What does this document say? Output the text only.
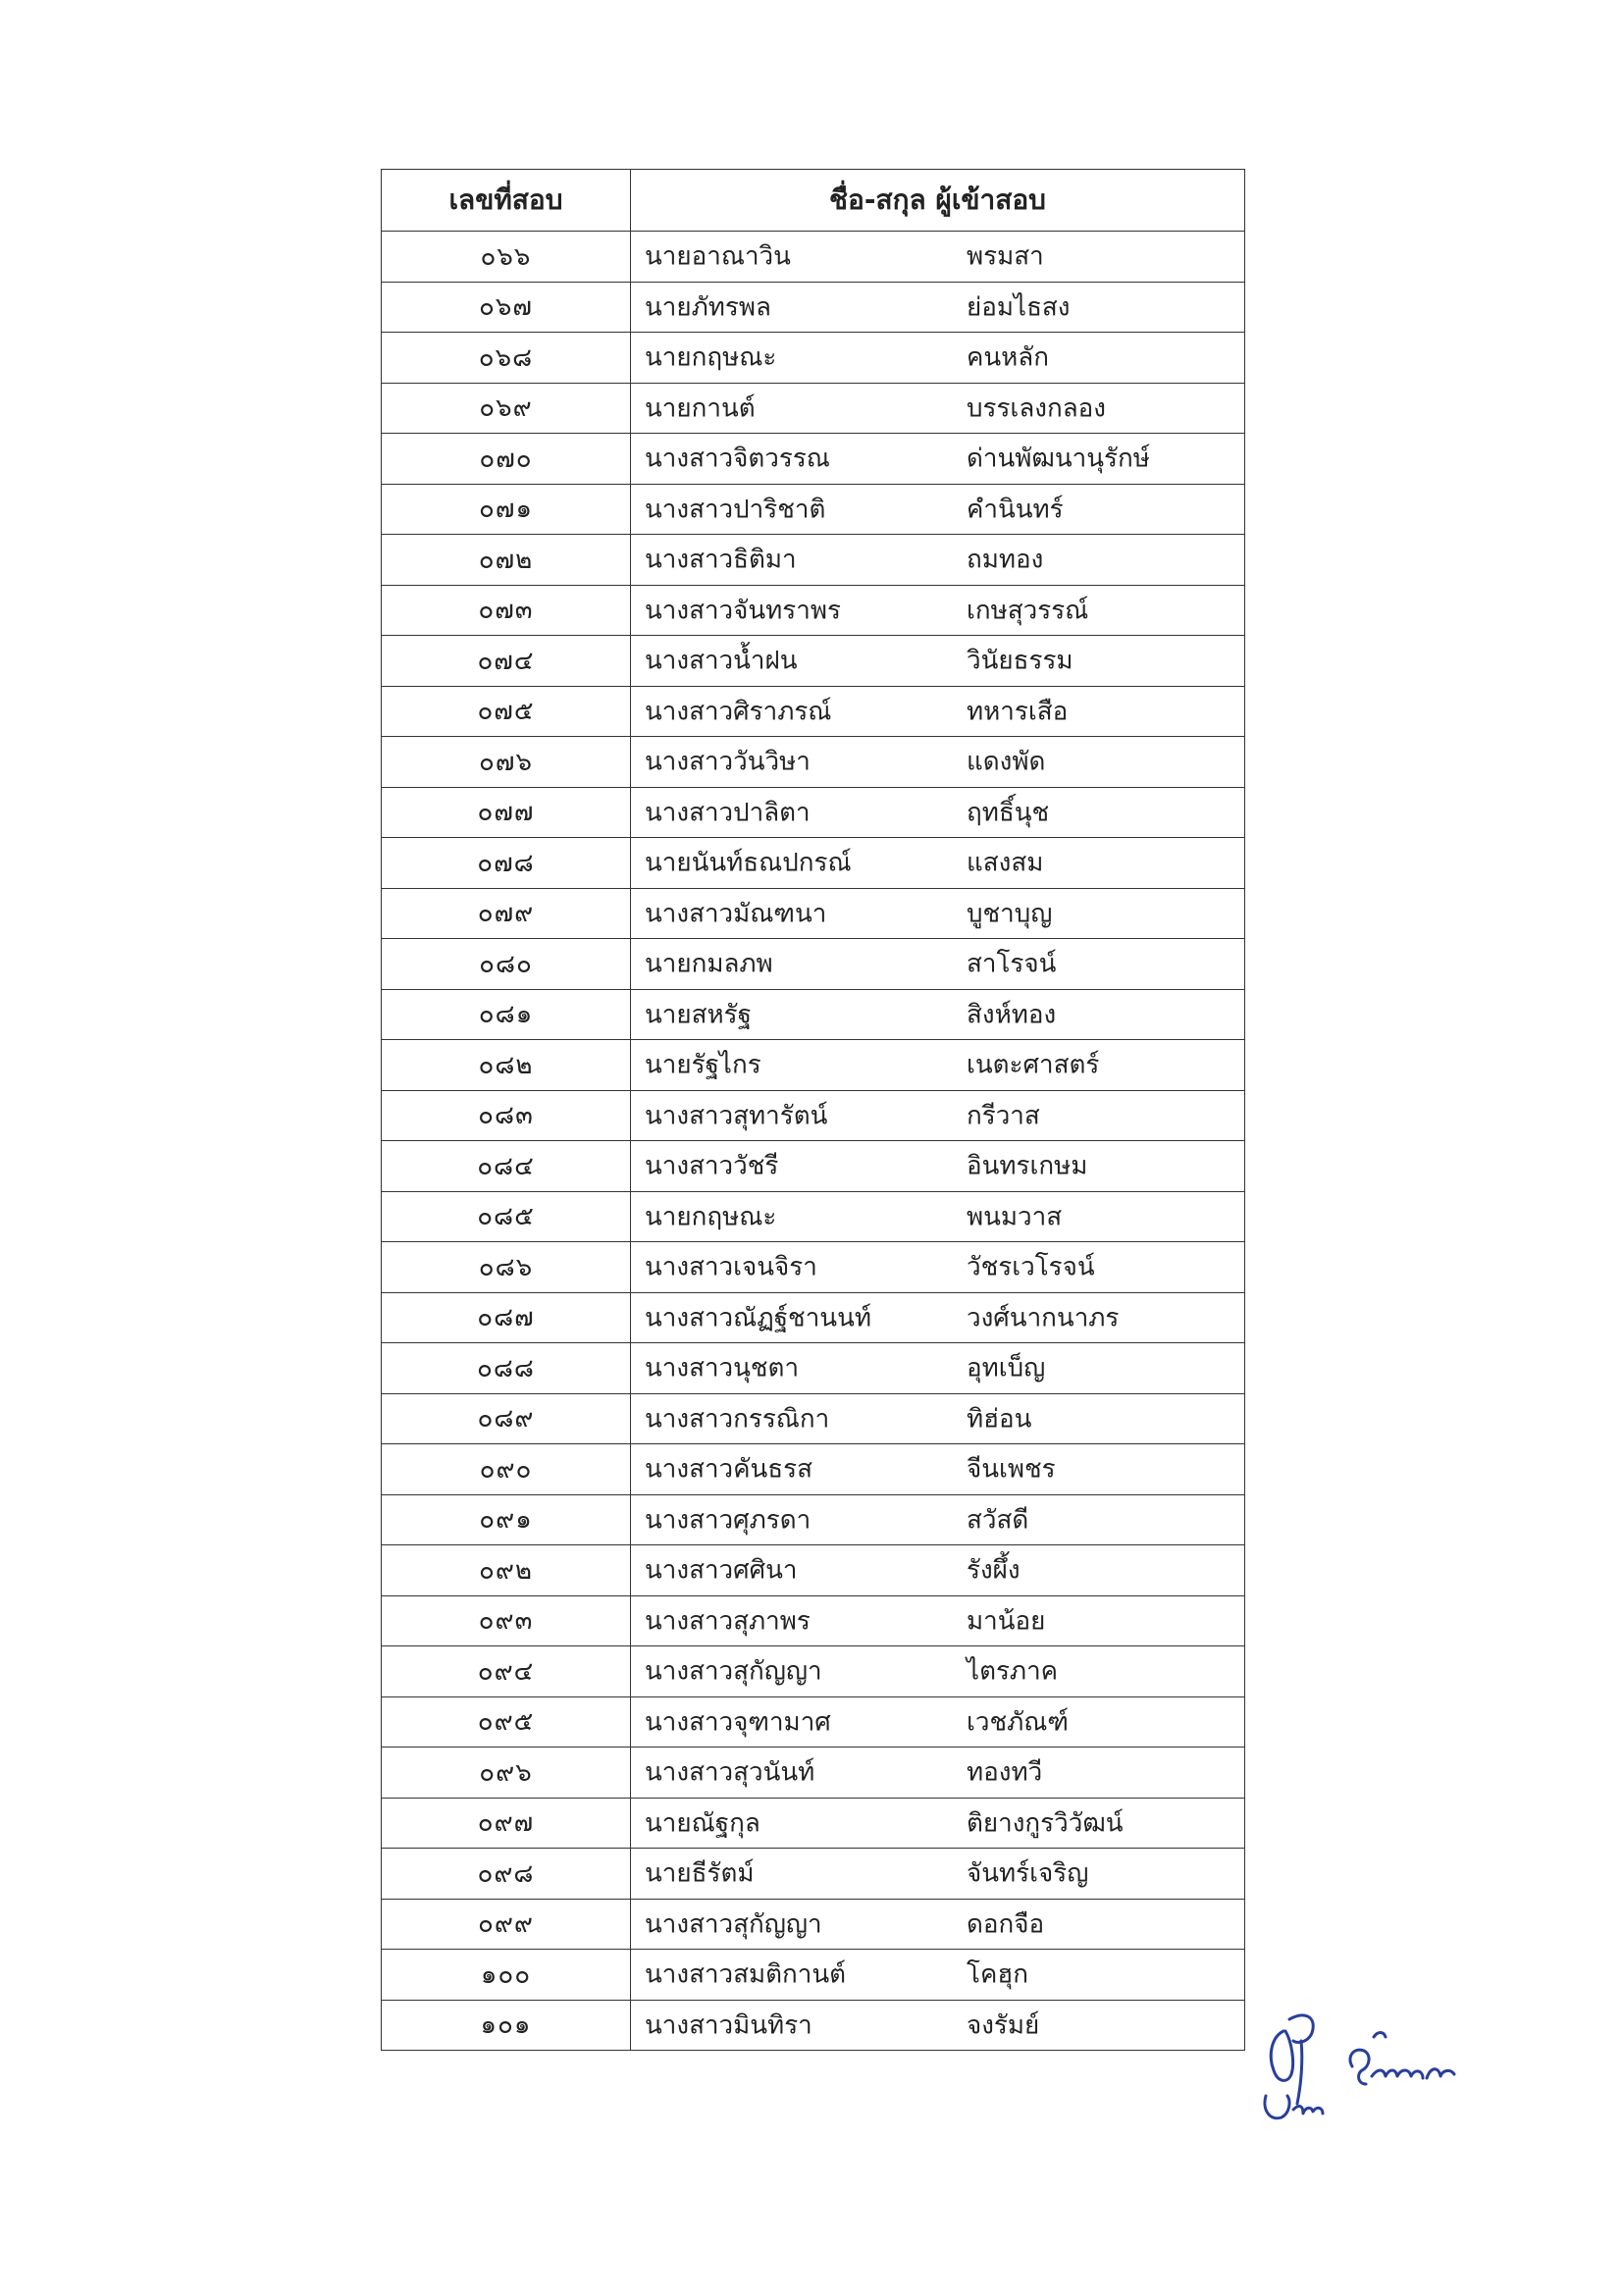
เลขที่สอบ	ชื่อ-สกุล ผู้เข้าสอบ
๐๖๖	นายอาณาวิน พรมสา

๐๖๗	นายภัทรพล ย่อมไธสง

๐๖๘	นายกฤษณะ คนหลัก

๐๖๙	นายกานต์ บรรเลงกลอง

๐๗๐	นางสาวจิตวรรณ ด่านพัฒนานุรักษ์

๐๗๑	นางสาวปาริชาติ คำนินทร์

๐๗๒	นางสาวธิติมา ถมทอง

๐๗๓	นางสาวจันทราพร เกษสุวรรณ์

๐๗๔	นางสาวน้ำฝน วินัยธรรม

๐๗๕	นางสาวศิราภรณ์ ทหารเสือ

๐๗๖	นางสาววันวิษา แดงพัด

๐๗๗	นางสาวปาลิตา ฤทธิ์นุช

๐๗๘	นายนันท์ธณปกรณ์ แสงสม

๐๗๙	นางสาวมัณฑนา บูชาบุญ

๐๘๐	นายกมลภพ สาโรจน์

๐๘๑	นายสหรัฐ สิงห์ทอง

๐๘๒	นายรัฐไกร เนตะศาสตร์

๐๘๓	นางสาวสุทารัตน์ กรีวาส

๐๘๔	นางสาววัชรี อินทรเกษม

๐๘๕	นายกฤษณะ พนมวาส

๐๘๖	นางสาวเจนจิรา วัชรเวโรจน์

๐๘๗	นางสาวณัฏฐ์ชานนท์ วงศ์นากนาภร

๐๘๘	นางสาวนุชตา อุทเบ็ญ

๐๘๙	นางสาวกรรณิกา ทิฮ่อน

๐๙๐	นางสาวคันธรส จีนเพชร

๐๙๑	นางสาวศุภรดา สวัสดี

๐๙๒	นางสาวศศินา รังผึ้ง

๐๙๓	นางสาวสุภาพร มาน้อย

๐๙๔	นางสาวสุกัญญา ไตรภาค

๐๙๕	นางสาวจุฑามาศ เวชภัณฑ์

๐๙๖	นางสาวสุวนันท์ ทองทวี

๐๙๗	นายณัฐกุล ติยางกูรวิวัฒน์

๐๙๘	นายธีรัตม์ จันทร์เจริญ

๐๙๙	นางสาวสุกัญญา ดอกจือ

๑๐๐	นางสาวสมติกานต์ โคฮุก

๑๐๑	นางสาวมินทิรา จงรัมย์
